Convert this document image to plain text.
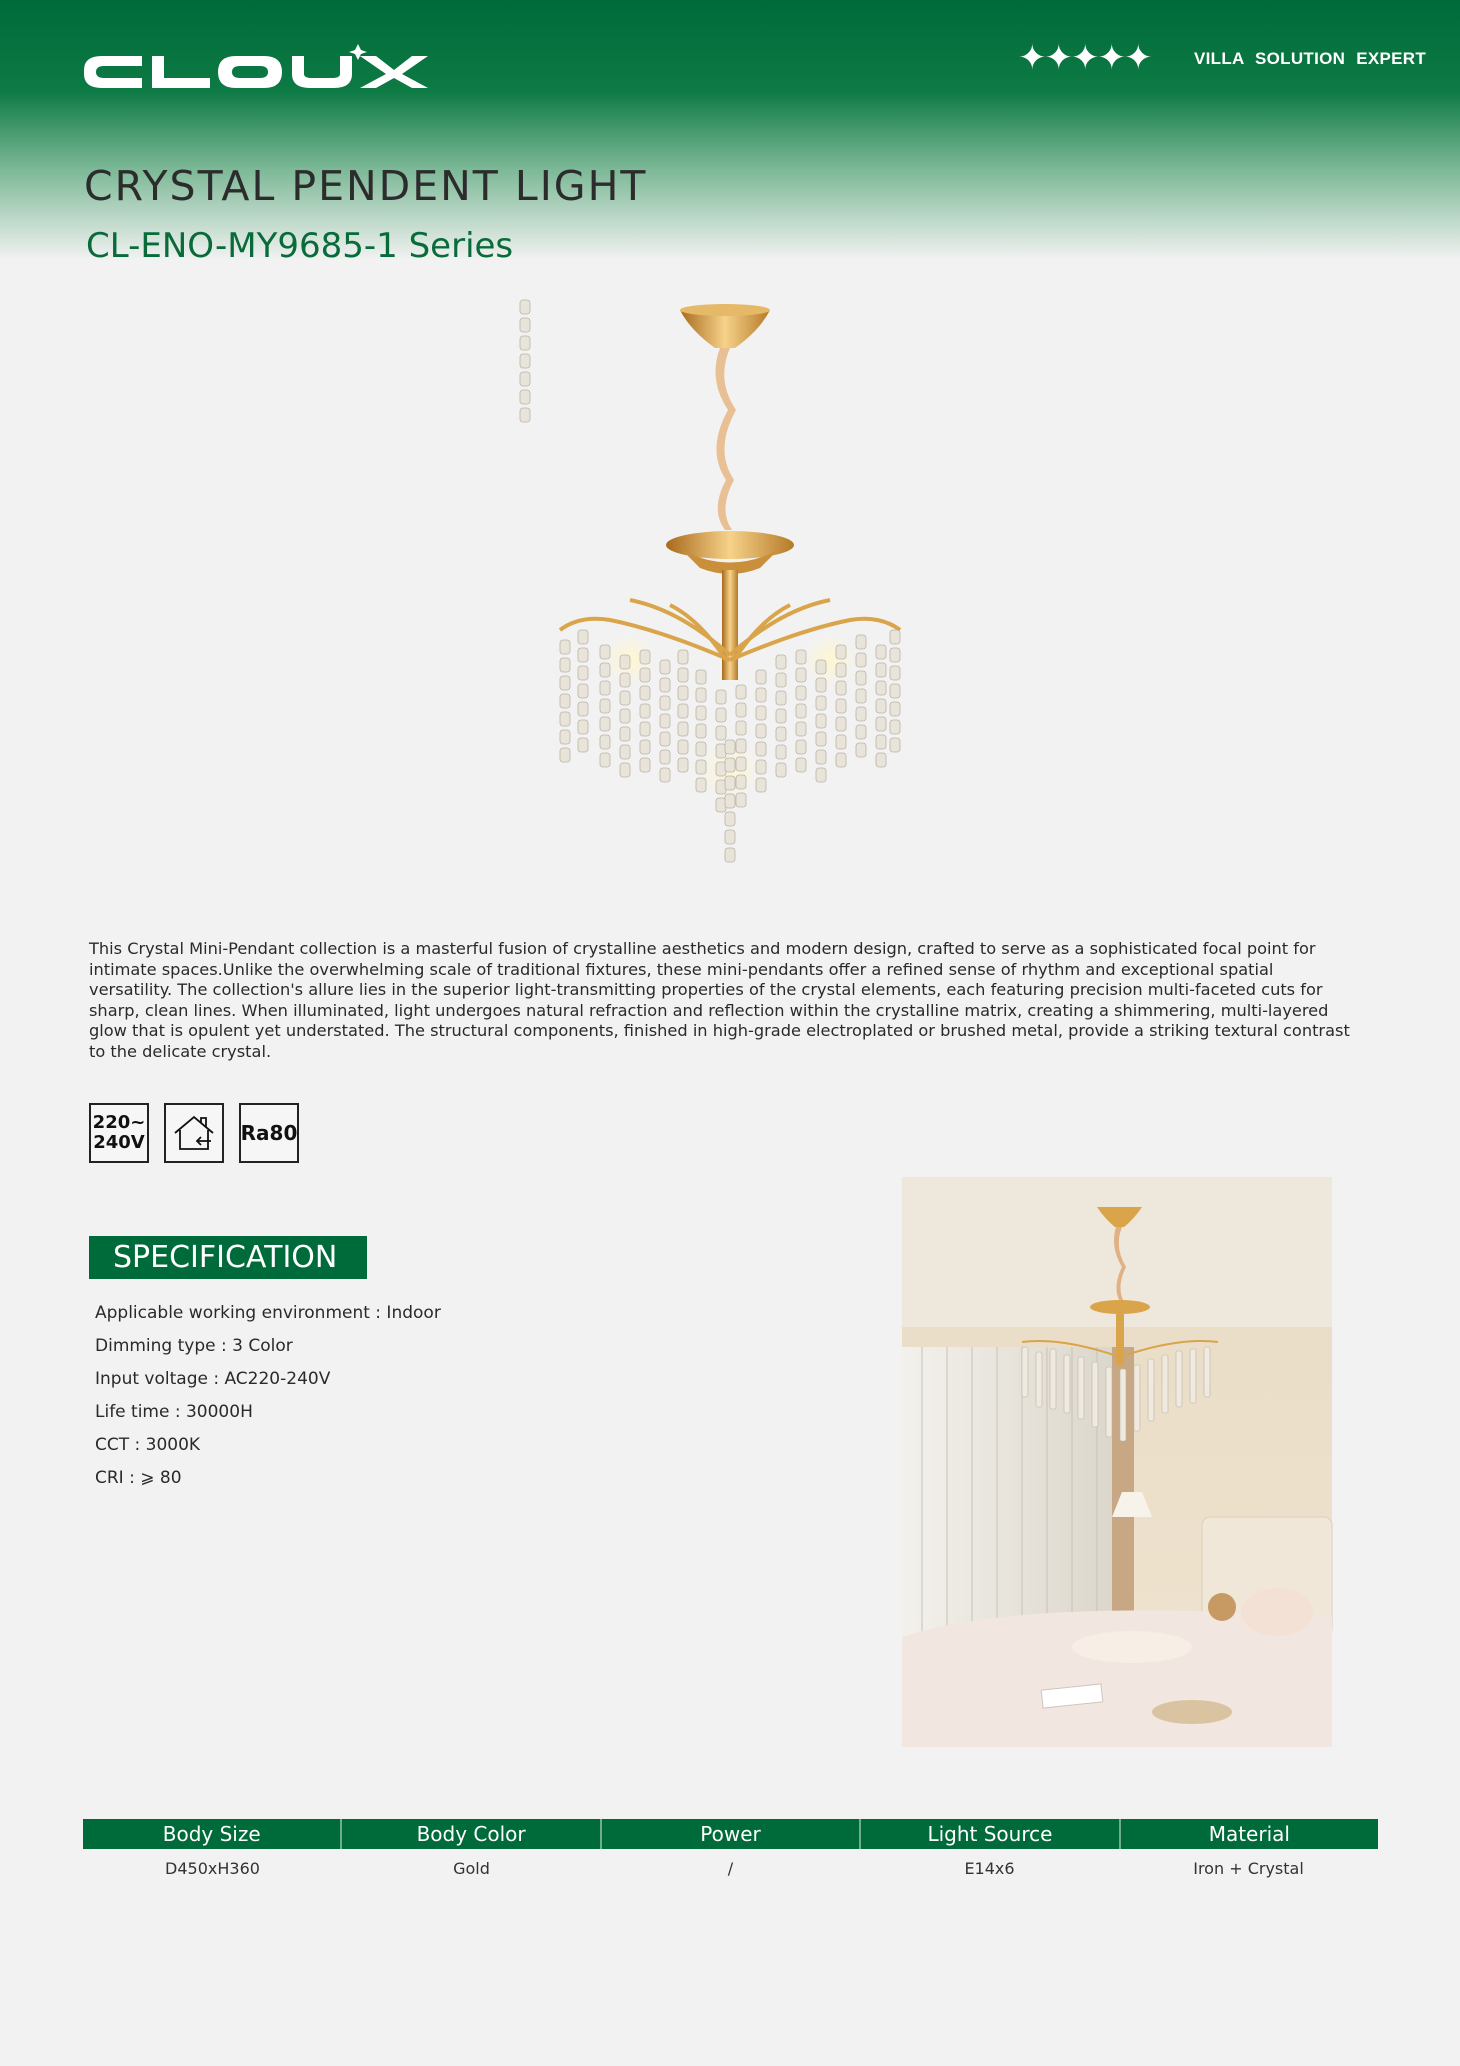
✦✦✦✦✦	VILLA SOLUTION EXPERT
CRYSTAL PENDENT LIGHT
CL-ENO-MY9685-1 Series
This Crystal Mini-Pendant collection is a masterful fusion of crystalline aesthetics and modern design, crafted to serve as a sophisticated focal point for intimate spaces.Unlike the overwhelming scale of traditional fixtures, these mini-pendants offer a refined sense of rhythm and exceptional spatial versatility. The collection's allure lies in the superior light-transmitting properties of the crystal elements, each featuring precision multi-faceted cuts for sharp, clean lines. When illuminated, light undergoes natural refraction and reflection within the crystalline matrix, creating a shimmering, multi-layered glow that is opulent yet understated. The structural components, finished in high-grade electroplated or brushed metal, provide a striking textural contrast to the delicate crystal.
220~
240V	Ra80
SPECIFICATION
Applicable working environment : Indoor
Dimming type : 3 Color
Input voltage : AC220-240V
Life time : 30000H
CCT : 3000K
CRI : ⩾ 80
Body Size	Body Color	Power	Light Source	Material
D450xH360	Gold	/	E14x6	Iron + Crystal
